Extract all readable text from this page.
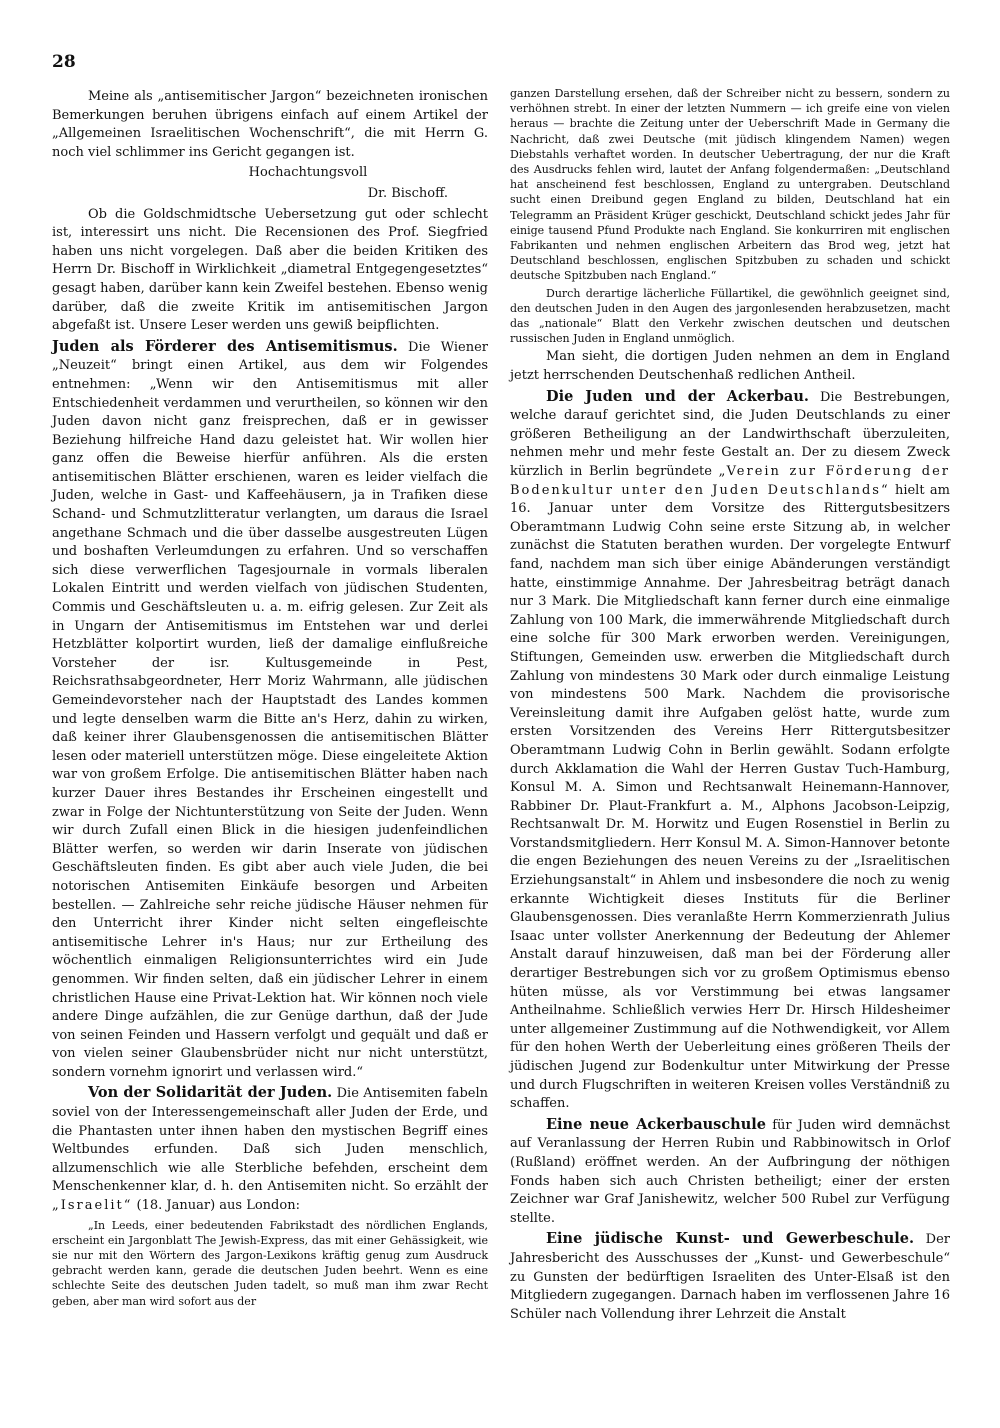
28

Meine als „antisemitischer Jargon“ bezeichneten ironischen Bemerkungen beruhen übrigens einfach auf einem Artikel der „Allgemeinen Israelitischen Wochenschrift“, die mit Herrn G. noch viel schlimmer ins Gericht gegangen ist.

Hochachtungsvoll

Dr. Bischoff.

Ob die Goldschmidtsche Uebersetzung gut oder schlecht ist, interessirt uns nicht. Die Recensionen des Prof. Siegfried haben uns nicht vorgelegen. Daß aber die beiden Kritiken des Herrn Dr. Bischoff in Wirklichkeit „diametral Entgegengesetztes“ gesagt haben, darüber kann kein Zweifel bestehen. Ebenso wenig darüber, daß die zweite Kritik im antisemitischen Jargon abgefaßt ist. Unsere Leser werden uns gewiß beipflichten.

Juden als Förderer des Antisemitismus. Die Wiener „Neuzeit“ bringt einen Artikel, aus dem wir Folgendes entnehmen: „Wenn wir den Antisemitismus mit aller Entschiedenheit verdammen und verurtheilen, so können wir den Juden davon nicht ganz freisprechen, daß er in gewisser Beziehung hilfreiche Hand dazu geleistet hat. Wir wollen hier ganz offen die Beweise hierfür anführen. Als die ersten antisemitischen Blätter erschienen, waren es leider vielfach die Juden, welche in Gast- und Kaffeehäusern, ja in Trafiken diese Schand- und Schmutzlitteratur verlangten, um daraus die Israel angethane Schmach und die über dasselbe ausgestreuten Lügen und boshaften Verleumdungen zu erfahren. Und so verschaffen sich diese verwerflichen Tagesjournale in vormals liberalen Lokalen Eintritt und werden vielfach von jüdischen Studenten, Commis und Geschäftsleuten u. a. m. eifrig gelesen. Zur Zeit als in Ungarn der Antisemitismus im Entstehen war und derlei Hetzblätter kolportirt wurden, ließ der damalige einflußreiche Vorsteher der isr. Kultusgemeinde in Pest, Reichsrathsabgeordneter, Herr Moriz Wahrmann, alle jüdischen Gemeindevorsteher nach der Hauptstadt des Landes kommen und legte denselben warm die Bitte an's Herz, dahin zu wirken, daß keiner ihrer Glaubensgenossen die antisemitischen Blätter lesen oder materiell unterstützen möge. Diese eingeleitete Aktion war von großem Erfolge. Die antisemitischen Blätter haben nach kurzer Dauer ihres Bestandes ihr Erscheinen eingestellt und zwar in Folge der Nichtunterstützung von Seite der Juden. Wenn wir durch Zufall einen Blick in die hiesigen judenfeindlichen Blätter werfen, so werden wir darin Inserate von jüdischen Geschäftsleuten finden. Es gibt aber auch viele Juden, die bei notorischen Antisemiten Einkäufe besorgen und Arbeiten bestellen. — Zahlreiche sehr reiche jüdische Häuser nehmen für den Unterricht ihrer Kinder nicht selten eingefleischte antisemitische Lehrer in's Haus; nur zur Ertheilung des wöchentlich einmaligen Religionsunterrichtes wird ein Jude genommen. Wir finden selten, daß ein jüdischer Lehrer in einem christlichen Hause eine Privat-Lektion hat. Wir können noch viele andere Dinge aufzählen, die zur Genüge darthun, daß der Jude von seinen Feinden und Hassern verfolgt und gequält und daß er von vielen seiner Glaubensbrüder nicht nur nicht unterstützt, sondern vornehm ignorirt und verlassen wird.“

Von der Solidarität der Juden. Die Antisemiten fabeln soviel von der Interessengemeinschaft aller Juden der Erde, und die Phantasten unter ihnen haben den mystischen Begriff eines Weltbundes erfunden. Daß sich Juden menschlich, allzumenschlich wie alle Sterbliche befehden, erscheint dem Menschenkenner klar, d. h. den Antisemiten nicht. So erzählt der „Israelit“ (18. Januar) aus London:

„In Leeds, einer bedeutenden Fabrikstadt des nördlichen Englands, erscheint ein Jargonblatt The Jewish-Express, das mit einer Gehässigkeit, wie sie nur mit den Wörtern des Jargon-Lexikons kräftig genug zum Ausdruck gebracht werden kann, gerade die deutschen Juden beehrt. Wenn es eine schlechte Seite des deutschen Juden tadelt, so muß man ihm zwar Recht geben, aber man wird sofort aus der

ganzen Darstellung ersehen, daß der Schreiber nicht zu bessern, sondern zu verhöhnen strebt. In einer der letzten Nummern — ich greife eine von vielen heraus — brachte die Zeitung unter der Ueberschrift Made in Germany die Nachricht, daß zwei Deutsche (mit jüdisch klingendem Namen) wegen Diebstahls verhaftet worden. In deutscher Uebertragung, der nur die Kraft des Ausdrucks fehlen wird, lautet der Anfang folgendermaßen: „Deutschland hat anscheinend fest beschlossen, England zu untergraben. Deutschland sucht einen Dreibund gegen England zu bilden, Deutschland hat ein Telegramm an Präsident Krüger geschickt, Deutschland schickt jedes Jahr für einige tausend Pfund Produkte nach England. Sie konkurriren mit englischen Fabrikanten und nehmen englischen Arbeitern das Brod weg, jetzt hat Deutschland beschlossen, englischen Spitzbuben zu schaden und schickt deutsche Spitzbuben nach England.“

Durch derartige lächerliche Füllartikel, die gewöhnlich geeignet sind, den deutschen Juden in den Augen des jargonlesenden herabzusetzen, macht das „nationale“ Blatt den Verkehr zwischen deutschen und deutschen russischen Juden in England unmöglich.

Man sieht, die dortigen Juden nehmen an dem in England jetzt herrschenden Deutschenhaß redlichen Antheil.

Die Juden und der Ackerbau. Die Bestrebungen, welche darauf gerichtet sind, die Juden Deutschlands zu einer größeren Betheiligung an der Landwirthschaft überzuleiten, nehmen mehr und mehr feste Gestalt an. Der zu diesem Zweck kürzlich in Berlin begründete „Verein zur Förderung der Bodenkultur unter den Juden Deutschlands“ hielt am 16. Januar unter dem Vorsitze des Rittergutsbesitzers Oberamtmann Ludwig Cohn seine erste Sitzung ab, in welcher zunächst die Statuten berathen wurden. Der vorgelegte Entwurf fand, nachdem man sich über einige Abänderungen verständigt hatte, einstimmige Annahme. Der Jahresbeitrag beträgt danach nur 3 Mark. Die Mitgliedschaft kann ferner durch eine einmalige Zahlung von 100 Mark, die immerwährende Mitgliedschaft durch eine solche für 300 Mark erworben werden. Vereinigungen, Stiftungen, Gemeinden usw. erwerben die Mitgliedschaft durch Zahlung von mindestens 30 Mark oder durch einmalige Leistung von mindestens 500 Mark. Nachdem die provisorische Vereinsleitung damit ihre Aufgaben gelöst hatte, wurde zum ersten Vorsitzenden des Vereins Herr Rittergutsbesitzer Oberamtmann Ludwig Cohn in Berlin gewählt. Sodann erfolgte durch Akklamation die Wahl der Herren Gustav Tuch-Hamburg, Konsul M. A. Simon und Rechtsanwalt Heinemann-Hannover, Rabbiner Dr. Plaut-Frankfurt a. M., Alphons Jacobson-Leipzig, Rechtsanwalt Dr. M. Horwitz und Eugen Rosenstiel in Berlin zu Vorstandsmitgliedern. Herr Konsul M. A. Simon-Hannover betonte die engen Beziehungen des neuen Vereins zu der „Israelitischen Erziehungsanstalt“ in Ahlem und insbesondere die noch zu wenig erkannte Wichtigkeit dieses Instituts für die Berliner Glaubensgenossen. Dies veranlaßte Herrn Kommerzienrath Julius Isaac unter vollster Anerkennung der Bedeutung der Ahlemer Anstalt darauf hinzuweisen, daß man bei der Förderung aller derartiger Bestrebungen sich vor zu großem Optimismus ebenso hüten müsse, als vor Verstimmung bei etwas langsamer Antheilnahme. Schließlich verwies Herr Dr. Hirsch Hildesheimer unter allgemeiner Zustimmung auf die Nothwendigkeit, vor Allem für den hohen Werth der Ueberleitung eines größeren Theils der jüdischen Jugend zur Bodenkultur unter Mitwirkung der Presse und durch Flugschriften in weiteren Kreisen volles Verständniß zu schaffen.

Eine neue Ackerbauschule für Juden wird demnächst auf Veranlassung der Herren Rubin und Rabbinowitsch in Orlof (Rußland) eröffnet werden. An der Aufbringung der nöthigen Fonds haben sich auch Christen betheiligt; einer der ersten Zeichner war Graf Janishewitz, welcher 500 Rubel zur Verfügung stellte.

Eine jüdische Kunst- und Gewerbeschule. Der Jahresbericht des Ausschusses der „Kunst- und Gewerbeschule“ zu Gunsten der bedürftigen Israeliten des Unter-Elsaß ist den Mitgliedern zugegangen. Darnach haben im verflossenen Jahre 16 Schüler nach Vollendung ihrer Lehrzeit die Anstalt
